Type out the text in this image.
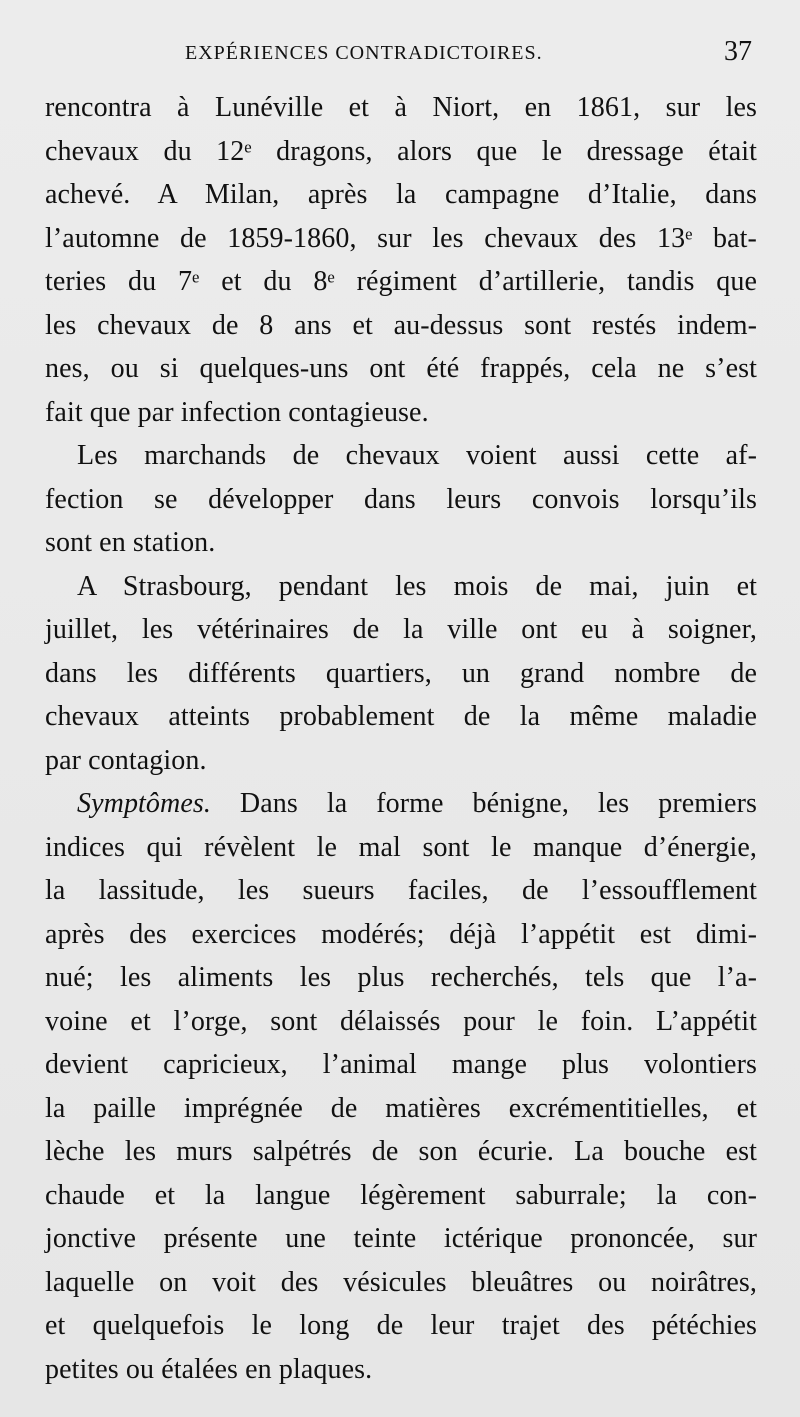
EXPÉRIENCES CONTRADICTOIRES.	37
rencontra à Lunéville et à Niort, en 1861, sur les
chevaux du 12ᵉ dragons, alors que le dressage était
achevé. A Milan, après la campagne d’Italie, dans
l’automne de 1859-1860, sur les chevaux des 13ᵉ bat-
teries du 7ᵉ et du 8ᵉ régiment d’artillerie, tandis que
les chevaux de 8 ans et au-dessus sont restés indem-
nes, ou si quelques-uns ont été frappés, cela ne s’est
fait que par infection contagieuse.
Les marchands de chevaux voient aussi cette af-
fection se développer dans leurs convois lorsqu’ils
sont en station.
A Strasbourg, pendant les mois de mai, juin et
juillet, les vétérinaires de la ville ont eu à soigner,
dans les différents quartiers, un grand nombre de
chevaux atteints probablement de la même maladie
par contagion.
Symptômes. Dans la forme bénigne, les premiers
indices qui révèlent le mal sont le manque d’énergie,
la lassitude, les sueurs faciles, de l’essoufflement
après des exercices modérés; déjà l’appétit est dimi-
nué; les aliments les plus recherchés, tels que l’a-
voine et l’orge, sont délaissés pour le foin. L’appétit
devient capricieux, l’animal mange plus volontiers
la paille imprégnée de matières excrémentitielles, et
lèche les murs salpétrés de son écurie. La bouche est
chaude et la langue légèrement saburrale; la con-
jonctive présente une teinte ictérique prononcée, sur
laquelle on voit des vésicules bleuâtres ou noirâtres,
et quelquefois le long de leur trajet des pétéchies
petites ou étalées en plaques.
